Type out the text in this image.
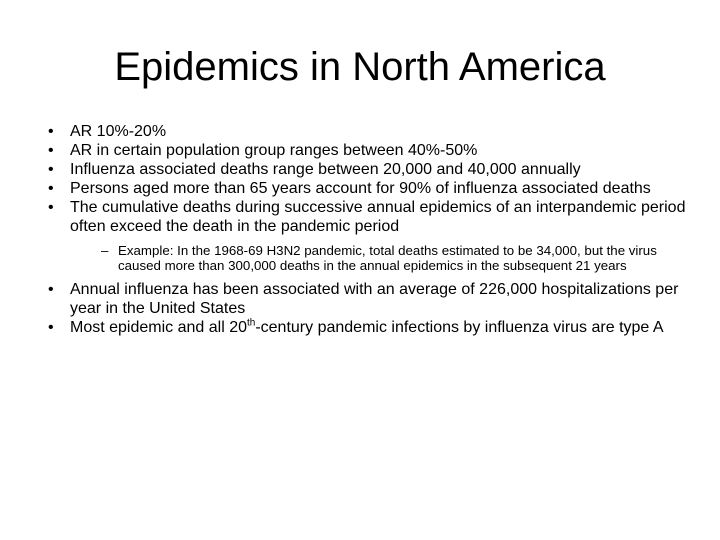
Epidemics in North America

•	AR 10%-20%

•	AR in certain population group ranges between 40%-50%

•	Influenza associated deaths range between 20,000 and 40,000 annually

•	Persons aged more than 65 years account for 90% of influenza associated deaths

•	The cumulative deaths during successive annual epidemics of an interpandemic period often exceed the death in the pandemic period

– Example: In the 1968-69 H3N2 pandemic, total deaths estimated to be 34,000, but the virus caused more than 300,000 deaths in the annual epidemics in the subsequent 21 years

•	Annual influenza has been associated with an average of 226,000 hospitalizations per year in the United States

•	Most epidemic and all 20th-century pandemic infections by influenza virus are type A
